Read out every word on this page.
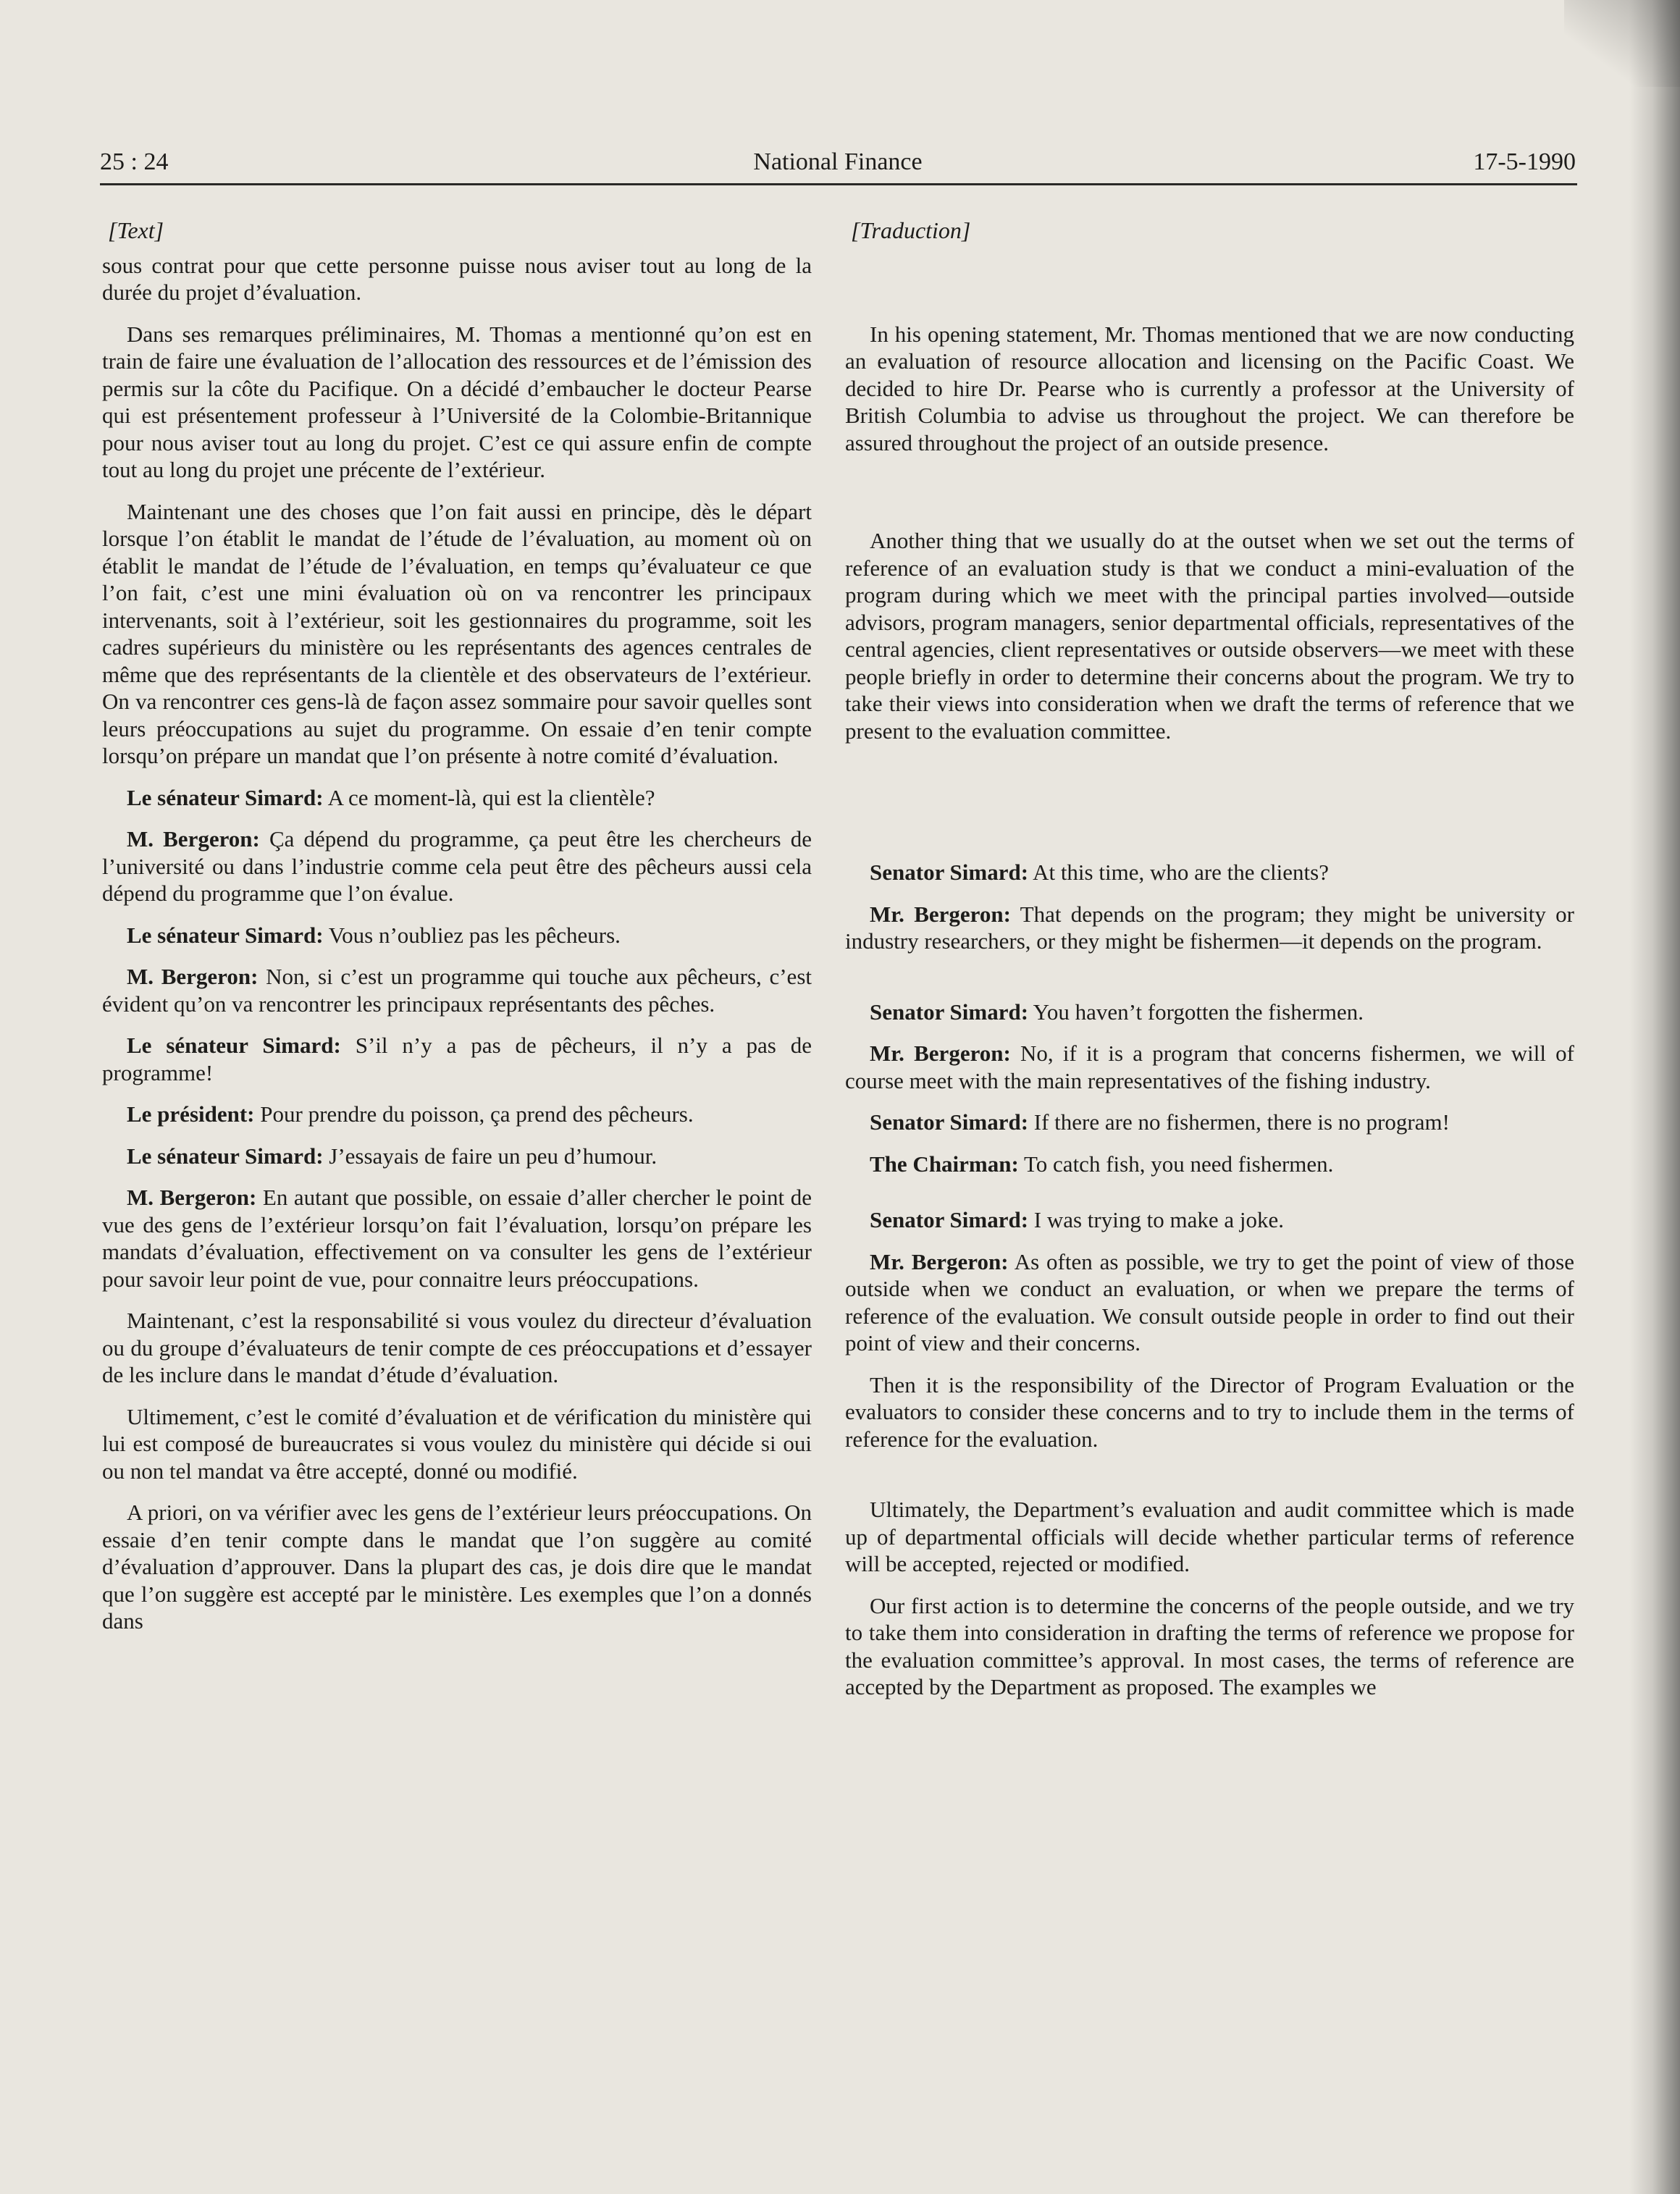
25 : 24	National Finance	17-5-1990
[Text]

sous contrat pour que cette personne puisse nous aviser tout au long de la durée du projet d’évaluation.

Dans ses remarques préliminaires, M. Thomas a mentionné qu’on est en train de faire une évaluation de l’allocation des ressources et de l’émission des permis sur la côte du Pacifique. On a décidé d’embaucher le docteur Pearse qui est présentement professeur à l’Université de la Colombie-Britannique pour nous aviser tout au long du projet. C’est ce qui assure enfin de compte tout au long du projet une précente de l’extérieur.

Maintenant une des choses que l’on fait aussi en principe, dès le départ lorsque l’on établit le mandat de l’étude de l’évaluation, au moment où on établit le mandat de l’étude de l’évaluation, en temps qu’évaluateur ce que l’on fait, c’est une mini évaluation où on va rencontrer les principaux intervenants, soit à l’extérieur, soit les gestionnaires du programme, soit les cadres supérieurs du ministère ou les représentants des agences centrales de même que des représentants de la clientèle et des observateurs de l’extérieur. On va rencontrer ces gens-là de façon assez sommaire pour savoir quelles sont leurs préoccupations au sujet du programme. On essaie d’en tenir compte lorsqu’on prépare un mandat que l’on présente à notre comité d’évaluation.

Le sénateur Simard: A ce moment-là, qui est la clientèle?

M. Bergeron: Ça dépend du programme, ça peut être les chercheurs de l’université ou dans l’industrie comme cela peut être des pêcheurs aussi cela dépend du programme que l’on évalue.

Le sénateur Simard: Vous n’oubliez pas les pêcheurs.

M. Bergeron: Non, si c’est un programme qui touche aux pêcheurs, c’est évident qu’on va rencontrer les principaux représentants des pêches.

Le sénateur Simard: S’il n’y a pas de pêcheurs, il n’y a pas de programme!

Le président: Pour prendre du poisson, ça prend des pêcheurs.

Le sénateur Simard: J’essayais de faire un peu d’humour.

M. Bergeron: En autant que possible, on essaie d’aller chercher le point de vue des gens de l’extérieur lorsqu’on fait l’évaluation, lorsqu’on prépare les mandats d’évaluation, effectivement on va consulter les gens de l’extérieur pour savoir leur point de vue, pour connaitre leurs préoccupations.

Maintenant, c’est la responsabilité si vous voulez du directeur d’évaluation ou du groupe d’évaluateurs de tenir compte de ces préoccupations et d’essayer de les inclure dans le mandat d’étude d’évaluation.

Ultimement, c’est le comité d’évaluation et de vérification du ministère qui lui est composé de bureaucrates si vous voulez du ministère qui décide si oui ou non tel mandat va être accepté, donné ou modifié.

A priori, on va vérifier avec les gens de l’extérieur leurs préoccupations. On essaie d’en tenir compte dans le mandat que l’on suggère au comité d’évaluation d’approuver. Dans la plupart des cas, je dois dire que le mandat que l’on suggère est accepté par le ministère. Les exemples que l’on a donnés dans

[Traduction]

In his opening statement, Mr. Thomas mentioned that we are now conducting an evaluation of resource allocation and licensing on the Pacific Coast. We decided to hire Dr. Pearse who is currently a professor at the University of British Columbia to advise us throughout the project. We can therefore be assured throughout the project of an outside presence.

Another thing that we usually do at the outset when we set out the terms of reference of an evaluation study is that we conduct a mini-evaluation of the program during which we meet with the principal parties involved—outside advisors, program managers, senior departmental officials, representatives of the central agencies, client representatives or outside observers—we meet with these people briefly in order to determine their concerns about the program. We try to take their views into consideration when we draft the terms of reference that we present to the evaluation committee.

Senator Simard: At this time, who are the clients?

Mr. Bergeron: That depends on the program; they might be university or industry researchers, or they might be fishermen—it depends on the program.

Senator Simard: You haven’t forgotten the fishermen.

Mr. Bergeron: No, if it is a program that concerns fishermen, we will of course meet with the main representatives of the fishing industry.

Senator Simard: If there are no fishermen, there is no program!

The Chairman: To catch fish, you need fishermen.

Senator Simard: I was trying to make a joke.

Mr. Bergeron: As often as possible, we try to get the point of view of those outside when we conduct an evaluation, or when we prepare the terms of reference of the evaluation. We consult outside people in order to find out their point of view and their concerns.

Then it is the responsibility of the Director of Program Evaluation or the evaluators to consider these concerns and to try to include them in the terms of reference for the evaluation.

Ultimately, the Department’s evaluation and audit committee which is made up of departmental officials will decide whether particular terms of reference will be accepted, rejected or modified.

Our first action is to determine the concerns of the people outside, and we try to take them into consideration in drafting the terms of reference we propose for the evaluation committee’s approval. In most cases, the terms of reference are accepted by the Department as proposed. The examples we
